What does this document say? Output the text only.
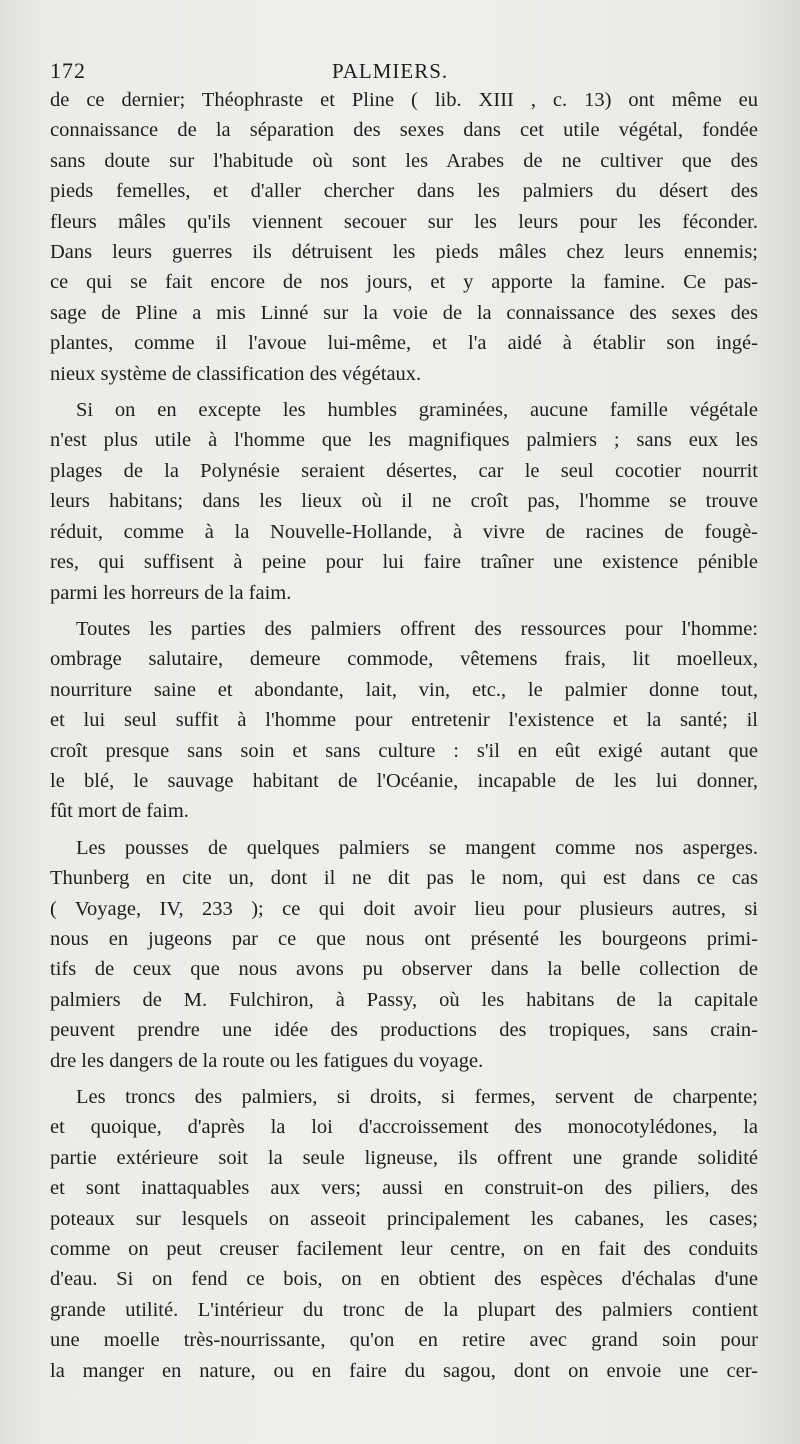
172	PALMIERS.

de ce dernier; Théophraste et Pline ( lib. XIII , c. 13) ont même eu
connaissance de la séparation des sexes dans cet utile végétal, fondée
sans doute sur l'habitude où sont les Arabes de ne cultiver que des
pieds femelles, et d'aller chercher dans les palmiers du désert des
fleurs mâles qu'ils viennent secouer sur les leurs pour les féconder.
Dans leurs guerres ils détruisent les pieds mâles chez leurs ennemis;
ce qui se fait encore de nos jours, et y apporte la famine. Ce pas-
sage de Pline a mis Linné sur la voie de la connaissance des sexes des
plantes, comme il l'avoue lui-même, et l'a aidé à établir son ingé-
nieux système de classification des végétaux.

Si on en excepte les humbles graminées, aucune famille végétale
n'est plus utile à l'homme que les magnifiques palmiers ; sans eux les
plages de la Polynésie seraient désertes, car le seul cocotier nourrit
leurs habitans; dans les lieux où il ne croît pas, l'homme se trouve
réduit, comme à la Nouvelle-Hollande, à vivre de racines de fougè-
res, qui suffisent à peine pour lui faire traîner une existence pénible
parmi les horreurs de la faim.

Toutes les parties des palmiers offrent des ressources pour l'homme:
ombrage salutaire, demeure commode, vêtemens frais, lit moelleux,
nourriture saine et abondante, lait, vin, etc., le palmier donne tout,
et lui seul suffit à l'homme pour entretenir l'existence et la santé; il
croît presque sans soin et sans culture : s'il en eût exigé autant que
le blé, le sauvage habitant de l'Océanie, incapable de les lui donner,
fût mort de faim.

Les pousses de quelques palmiers se mangent comme nos asperges.
Thunberg en cite un, dont il ne dit pas le nom, qui est dans ce cas
( Voyage, IV, 233 ); ce qui doit avoir lieu pour plusieurs autres, si
nous en jugeons par ce que nous ont présenté les bourgeons primi-
tifs de ceux que nous avons pu observer dans la belle collection de
palmiers de M. Fulchiron, à Passy, où les habitans de la capitale
peuvent prendre une idée des productions des tropiques, sans crain-
dre les dangers de la route ou les fatigues du voyage.

Les troncs des palmiers, si droits, si fermes, servent de charpente;
et quoique, d'après la loi d'accroissement des monocotylédones, la
partie extérieure soit la seule ligneuse, ils offrent une grande solidité
et sont inattaquables aux vers; aussi en construit-on des piliers, des
poteaux sur lesquels on asseoit principalement les cabanes, les cases;
comme on peut creuser facilement leur centre, on en fait des conduits
d'eau. Si on fend ce bois, on en obtient des espèces d'échalas d'une
grande utilité. L'intérieur du tronc de la plupart des palmiers contient
une moelle très-nourrissante, qu'on en retire avec grand soin pour
la manger en nature, ou en faire du sagou, dont on envoie une cer-
